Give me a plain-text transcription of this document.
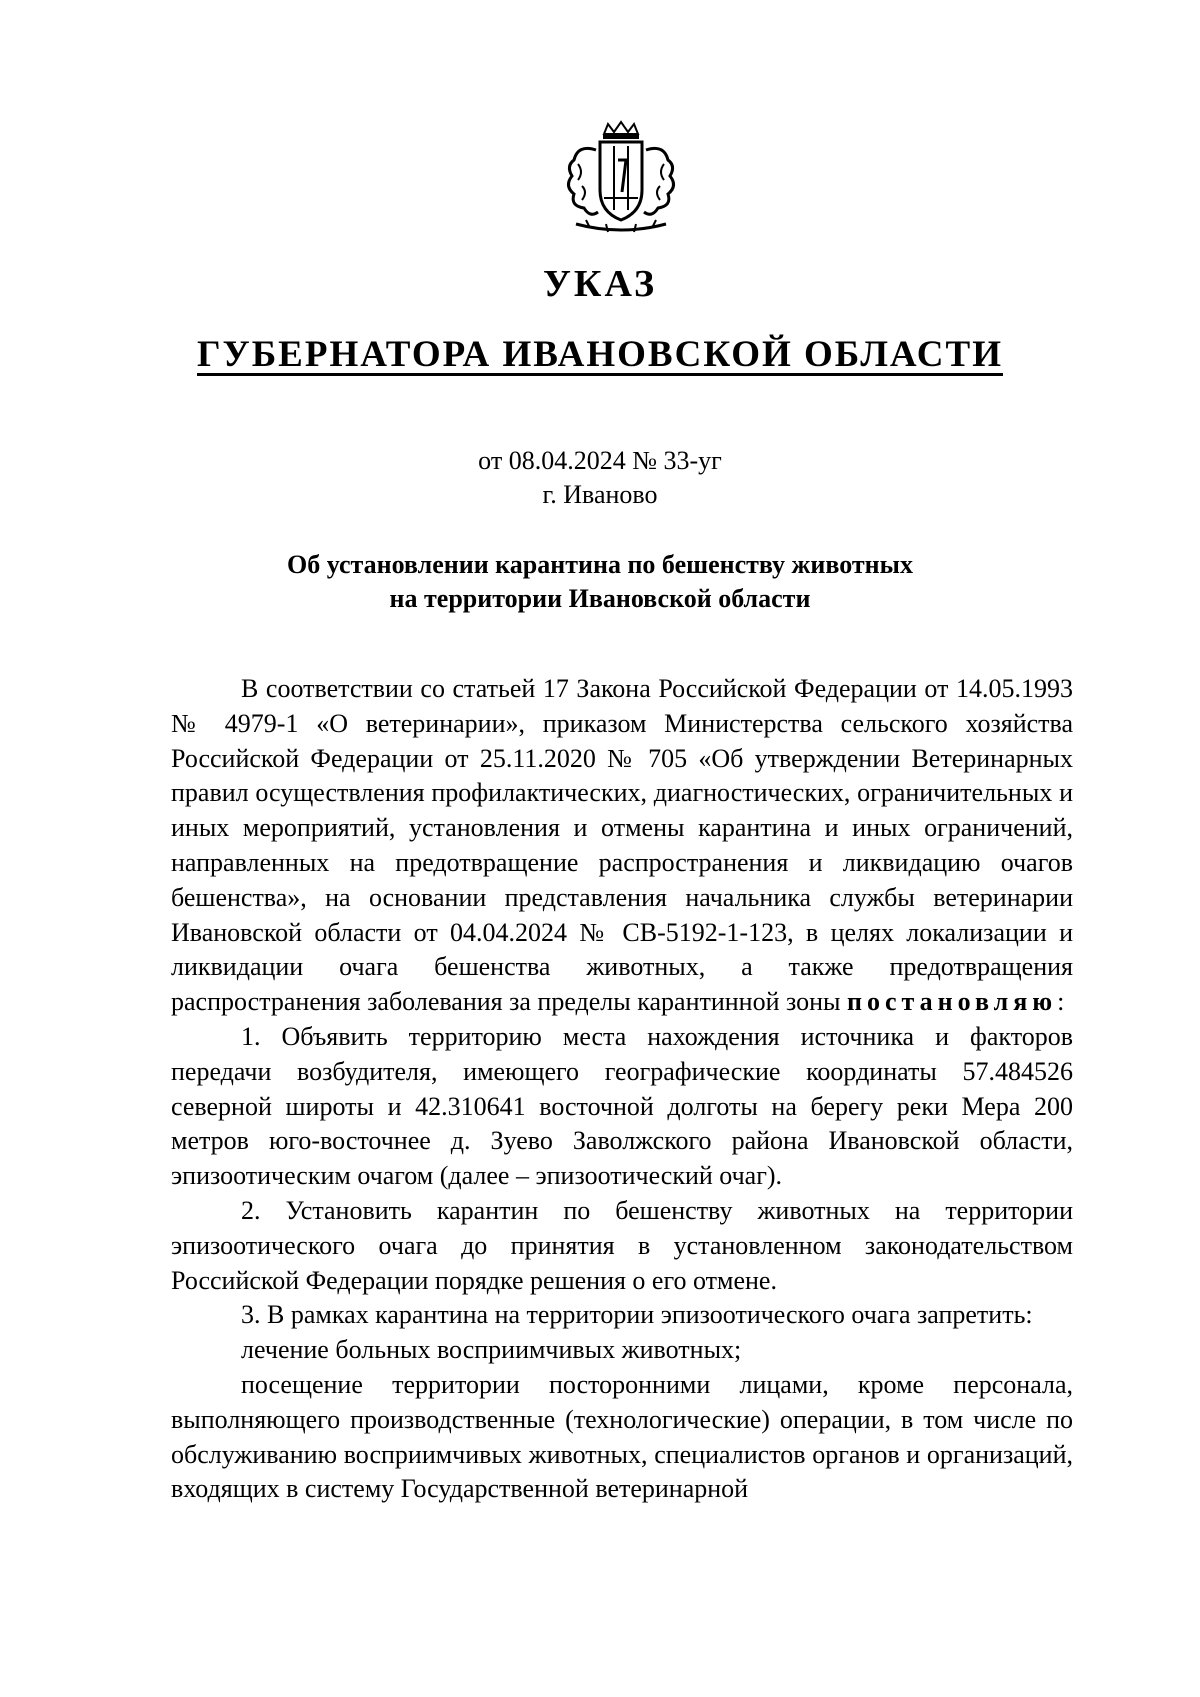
УКАЗ
ГУБЕРНАТОРА ИВАНОВСКОЙ ОБЛАСТИ
от 08.04.2024 № 33-уг
г. Иваново
Об установлении карантина по бешенству животных
на территории Ивановской области

В соответствии со статьей 17 Закона Российской Федерации от 14.05.1993 № 4979-1 «О ветеринарии», приказом Министерства сельского хозяйства Российской Федерации от 25.11.2020 № 705 «Об утверждении Ветеринарных правил осуществления профилактических, диагностических, ограничительных и иных мероприятий, установления и отмены карантина и иных ограничений, направленных на предотвращение распространения и ликвидацию очагов бешенства», на основании представления начальника службы ветеринарии Ивановской области от 04.04.2024 № СВ-5192-1-123, в целях локализации и ликвидации очага бешенства животных, а также предотвращения распространения заболевания за пределы карантинной зоны постановляю:

1. Объявить территорию места нахождения источника и факторов передачи возбудителя, имеющего географические координаты 57.484526 северной широты и 42.310641 восточной долготы на берегу реки Мера 200 метров юго-восточнее д. Зуево Заволжского района Ивановской области, эпизоотическим очагом (далее – эпизоотический очаг).

2. Установить карантин по бешенству животных на территории эпизоотического очага до принятия в установленном законодательством Российской Федерации порядке решения о его отмене.

3. В рамках карантина на территории эпизоотического очага запретить:

лечение больных восприимчивых животных;

посещение территории посторонними лицами, кроме персонала, выполняющего производственные (технологические) операции, в том числе по обслуживанию восприимчивых животных, специалистов органов и организаций, входящих в систему Государственной ветеринарной
